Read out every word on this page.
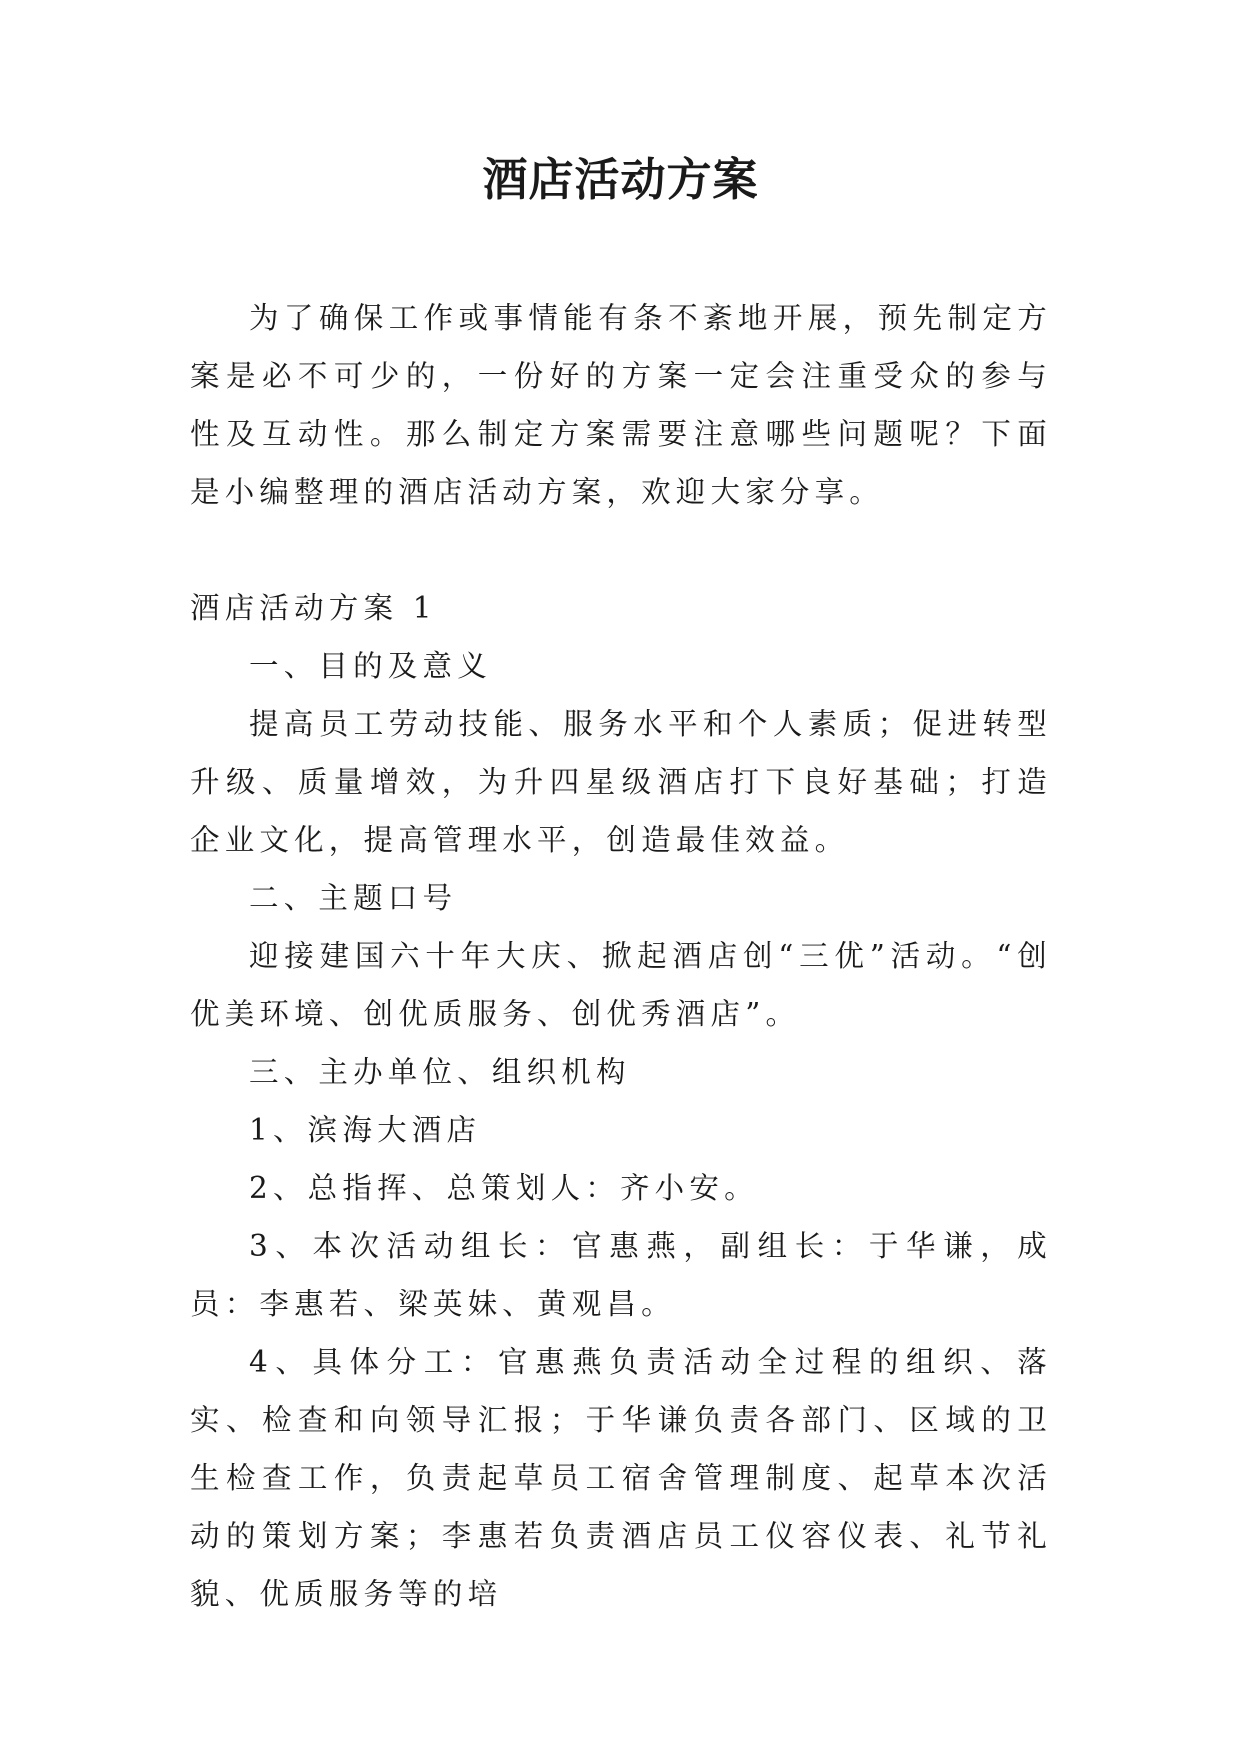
酒店活动方案

为了确保工作或事情能有条不紊地开展，预先制定方案是必不可少的，一份好的方案一定会注重受众的参与性及互动性。那么制定方案需要注意哪些问题呢？下面是小编整理的酒店活动方案，欢迎大家分享。

酒店活动方案 1

一、目的及意义

提高员工劳动技能、服务水平和个人素质；促进转型升级、质量增效，为升四星级酒店打下良好基础；打造企业文化，提高管理水平，创造最佳效益。

二、主题口号

迎接建国六十年大庆、掀起酒店创“三优”活动。“创优美环境、创优质服务、创优秀酒店”。

三、主办单位、组织机构

1、滨海大酒店

2、总指挥、总策划人：齐小安。

3、本次活动组长：官惠燕，副组长：于华谦，成员：李惠若、梁英妹、黄观昌。

4、具体分工：官惠燕负责活动全过程的组织、落实、检查和向领导汇报；于华谦负责各部门、区域的卫生检查工作，负责起草员工宿舍管理制度、起草本次活动的策划方案；李惠若负责酒店员工仪容仪表、礼节礼貌、优质服务等的培
